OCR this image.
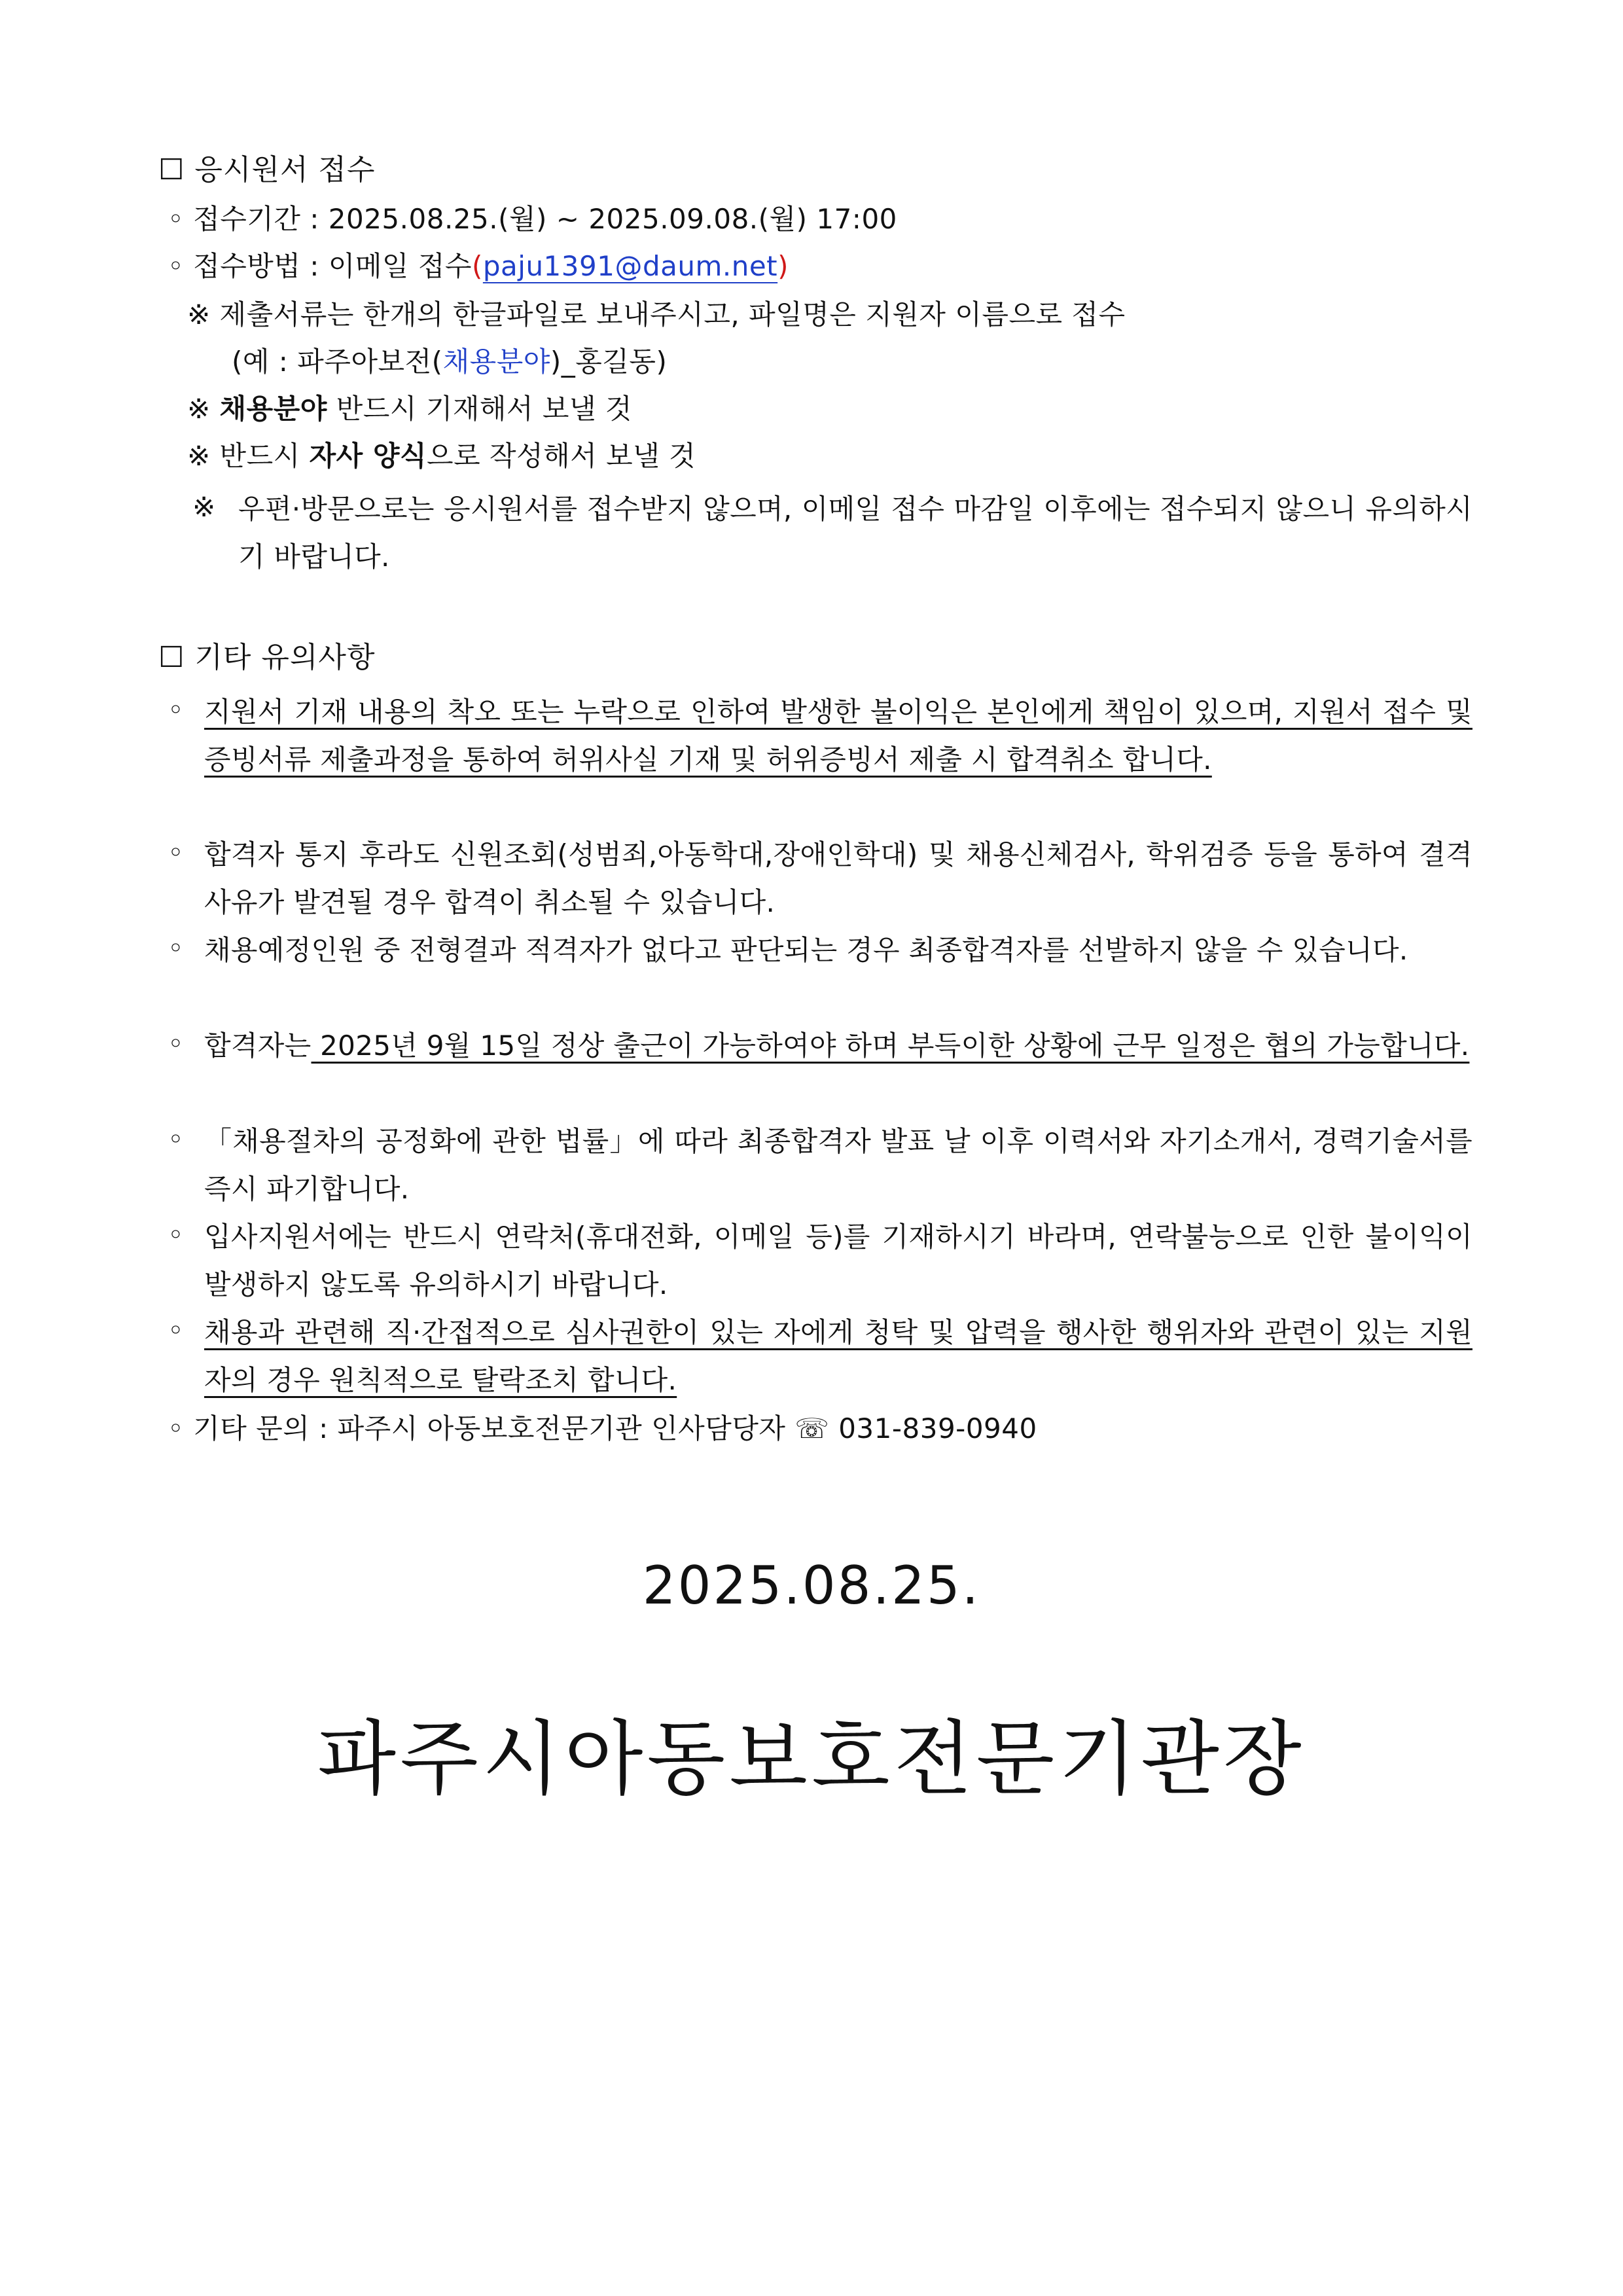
☐ 응시원서 접수
◦ 접수기간 : 2025.08.25.(월) ~ 2025.09.08.(월) 17:00
◦ 접수방법 : 이메일 접수(paju1391@daum.net)
※ 제출서류는 한개의 한글파일로 보내주시고, 파일명은 지원자 이름으로 접수
(예 : 파주아보전(채용분야)_홍길동)
※ 채용분야 반드시 기재해서 보낼 것
※ 반드시 자사 양식으로 작성해서 보낼 것
※ 우편·방문으로는 응시원서를 접수받지 않으며, 이메일 접수 마감일 이후에는 접수되지 않으니 유의하시기 바랍니다.
☐ 기타 유의사항
◦ 지원서 기재 내용의 착오 또는 누락으로 인하여 발생한 불이익은 본인에게 책임이 있으며, 지원서 접수 및 증빙서류 제출과정을 통하여 허위사실 기재 및 허위증빙서 제출 시 합격취소 합니다.
◦ 합격자 통지 후라도 신원조회(성범죄,아동학대,장애인학대) 및 채용신체검사, 학위검증 등을 통하여 결격사유가 발견될 경우 합격이 취소될 수 있습니다.
◦ 채용예정인원 중 전형결과 적격자가 없다고 판단되는 경우 최종합격자를 선발하지 않을 수 있습니다.
◦ 합격자는 2025년 9월 15일 정상 출근이 가능하여야 하며 부득이한 상황에 근무 일정은 협의 가능합니다.
◦ 「채용절차의 공정화에 관한 법률」에 따라 최종합격자 발표 날 이후 이력서와 자기소개서, 경력기술서를 즉시 파기합니다.
◦ 입사지원서에는 반드시 연락처(휴대전화, 이메일 등)를 기재하시기 바라며, 연락불능으로 인한 불이익이 발생하지 않도록 유의하시기 바랍니다.
◦ 채용과 관련해 직·간접적으로 심사권한이 있는 자에게 청탁 및 압력을 행사한 행위자와 관련이 있는 지원자의 경우 원칙적으로 탈락조치 합니다.
◦ 기타 문의 : 파주시 아동보호전문기관 인사담당자 ☏ 031-839-0940
2025.08.25.
파주시아동보호전문기관장
